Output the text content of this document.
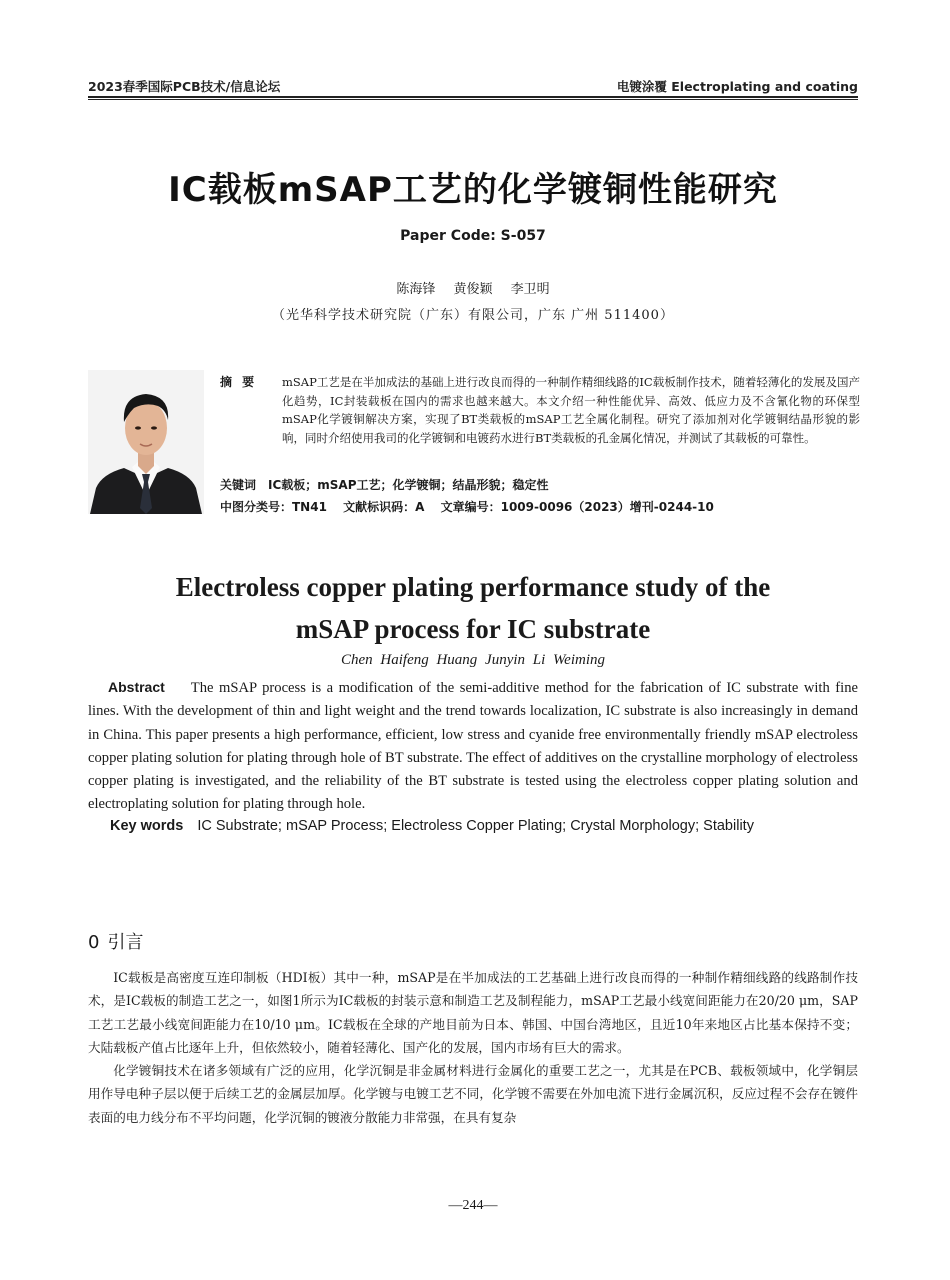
2023春季国际PCB技术/信息论坛	电镀涂覆 Electroplating and coating
IC载板mSAP工艺的化学镀铜性能研究
Paper Code: S-057
陈海锋 黄俊颖 李卫明
（光华科学技术研究院（广东）有限公司，广东 广州 511400）
摘 要	mSAP工艺是在半加成法的基础上进行改良而得的一种制作精细线路的IC载板制作技术，随着轻薄化的发展及国产化趋势，IC封装载板在国内的需求也越来越大。本文介绍一种性能优异、高效、低应力及不含氰化物的环保型mSAP化学镀铜解决方案，实现了BT类载板的mSAP工艺全属化制程。研究了添加剂对化学镀铜结晶形貌的影响，同时介绍使用我司的化学镀铜和电镀药水进行BT类载板的孔金属化情况，并测试了其载板的可靠性。
关键词 IC载板；mSAP工艺；化学镀铜；结晶形貌；稳定性
中图分类号：TN41 文献标识码：A 文章编号：1009-0096（2023）增刊-0244-10
Electroless copper plating performance study of the
mSAP process for IC substrate
Chen Haifeng Huang Junyin Li Weiming
Abstract The mSAP process is a modification of the semi-additive method for the fabrication of IC substrate with fine lines. With the development of thin and light weight and the trend towards localization, IC substrate is also increasingly in demand in China. This paper presents a high performance, efficient, low stress and cyanide free environmentally friendly mSAP electroless copper plating solution for plating through hole of BT substrate. The effect of additives on the crystalline morphology of electroless copper plating is investigated, and the reliability of the BT substrate is tested using the electroless copper plating solution and electroplating solution for plating through hole.
Key words IC Substrate; mSAP Process; Electroless Copper Plating; Crystal Morphology; Stability
0 引言

IC载板是高密度互连印制板（HDI板）其中一种，mSAP是在半加成法的工艺基础上进行改良而得的一种制作精细线路的线路制作技术，是IC载板的制造工艺之一，如图1所示为IC载板的封装示意和制造工艺及制程能力，mSAP工艺最小线宽间距能力在20/20 μm，SAP工艺工艺最小线宽间距能力在10/10 μm。IC载板在全球的产地目前为日本、韩国、中国台湾地区，且近10年来地区占比基本保持不变；大陆载板产值占比逐年上升，但依然较小，随着轻薄化、国产化的发展，国内市场有巨大的需求。

化学镀铜技术在诸多领域有广泛的应用，化学沉铜是非金属材料进行金属化的重要工艺之一，尤其是在PCB、载板领域中，化学铜层用作导电种子层以便于后续工艺的金属层加厚。化学镀与电镀工艺不同，化学镀不需要在外加电流下进行金属沉积，反应过程不会存在镀件表面的电力线分布不平均问题，化学沉铜的镀液分散能力非常强，在具有复杂

—244—
